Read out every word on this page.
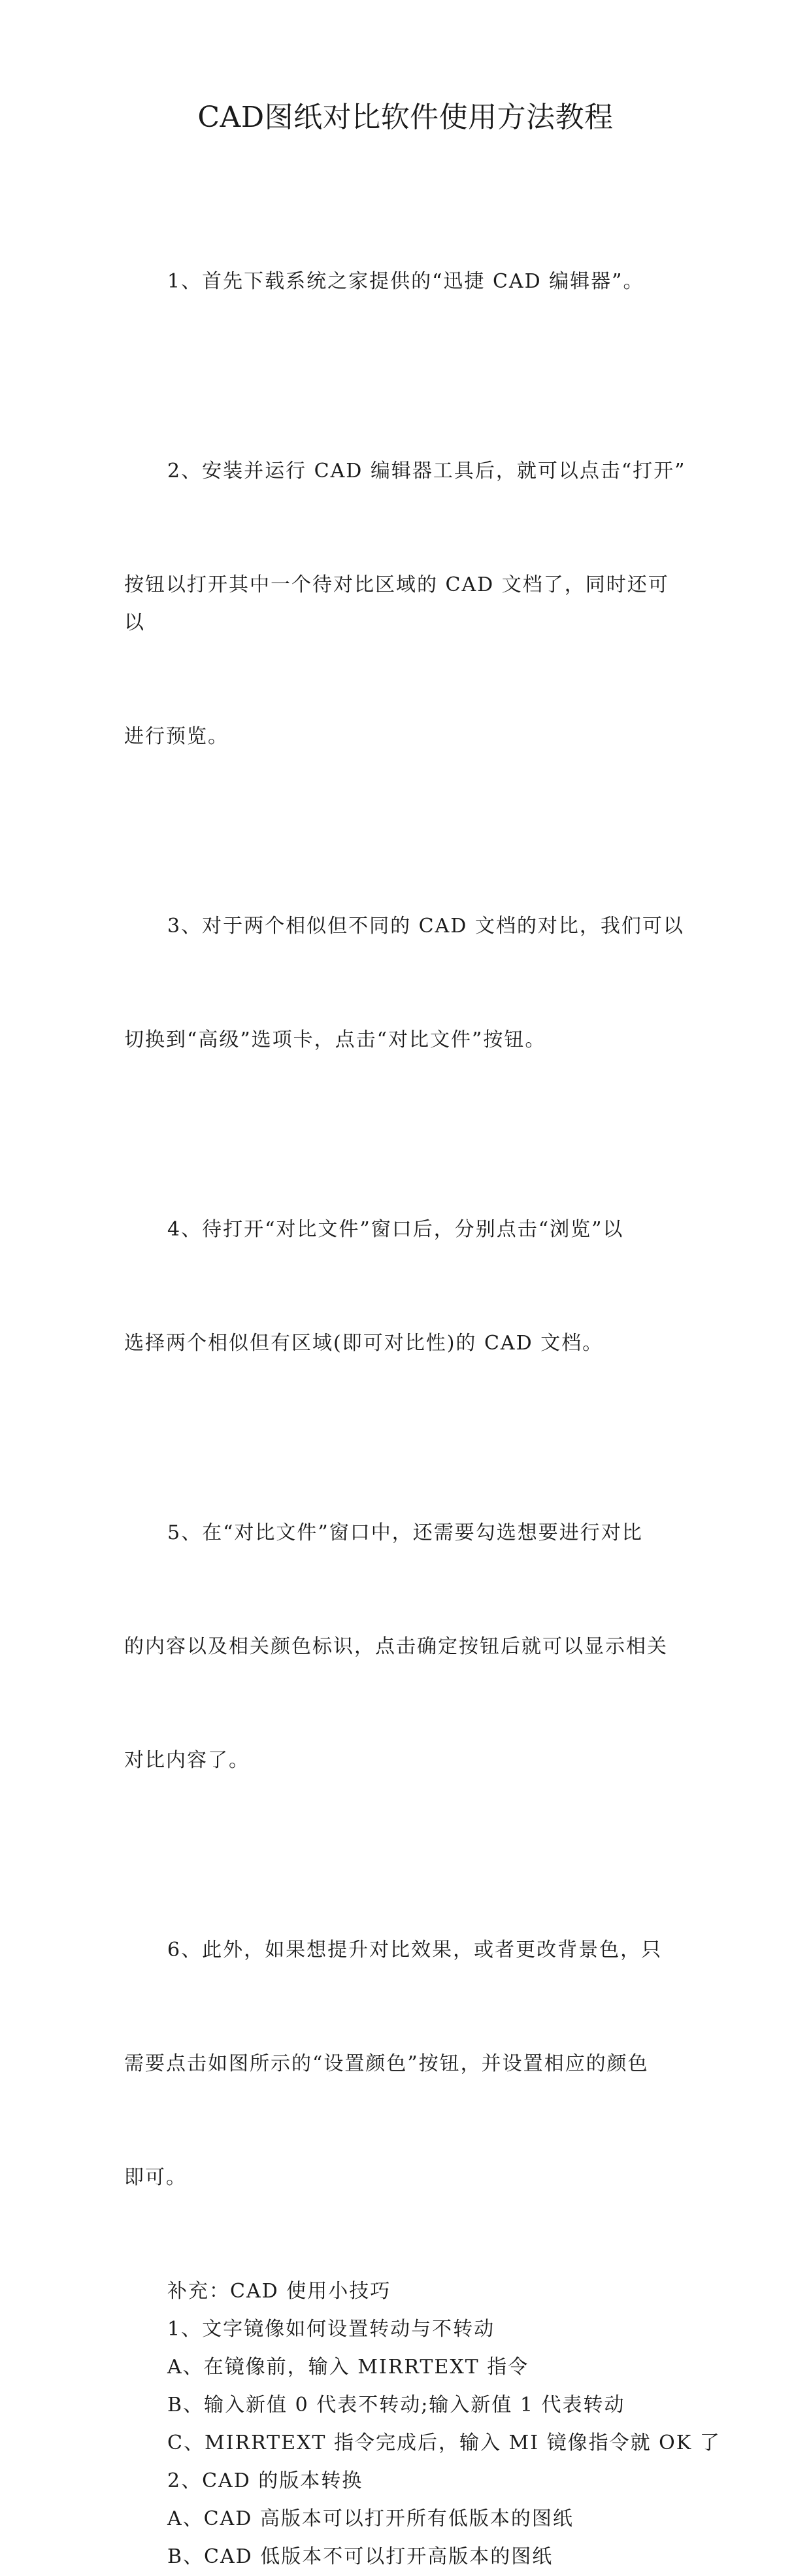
CAD图纸对比软件使用方法教程

1、首先下载系统之家提供的“迅捷 CAD 编辑器”。

2、安装并运行 CAD 编辑器工具后，就可以点击“打开”

按钮以打开其中一个待对比区域的 CAD 文档了，同时还可以

进行预览。

3、对于两个相似但不同的 CAD 文档的对比，我们可以

切换到“高级”选项卡，点击“对比文件”按钮。

4、待打开“对比文件”窗口后，分别点击“浏览”以

选择两个相似但有区域(即可对比性)的 CAD 文档。

5、在“对比文件”窗口中，还需要勾选想要进行对比

的内容以及相关颜色标识，点击确定按钮后就可以显示相关

对比内容了。

6、此外，如果想提升对比效果，或者更改背景色，只

需要点击如图所示的“设置颜色”按钮，并设置相应的颜色

即可。

补充：CAD 使用小技巧

1、文字镜像如何设置转动与不转动

A、在镜像前，输入 MIRRTEXT 指令

B、输入新值 0 代表不转动;输入新值 1 代表转动

C、MIRRTEXT 指令完成后，输入 MI 镜像指令就 OK 了

2、CAD 的版本转换

A、CAD 高版本可以打开所有低版本的图纸

B、CAD 低版本不可以打开高版本的图纸
